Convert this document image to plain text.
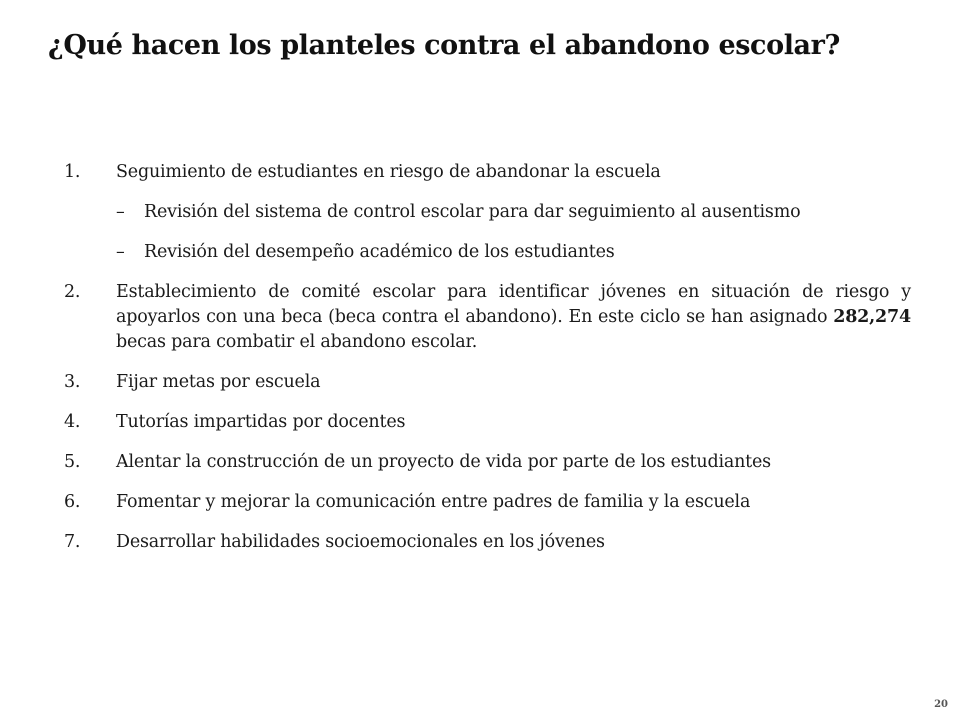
¿Qué hacen los planteles contra el abandono escolar?
1.	Seguimiento de estudiantes en riesgo de abandonar la escuela
–	Revisión del sistema de control escolar para dar seguimiento al ausentismo
–	Revisión del desempeño académico de los estudiantes
2.	Establecimiento de comité escolar para identificar jóvenes en situación de riesgo y apoyarlos con una beca (beca contra el abandono). En este ciclo se han asignado 282,274 becas para combatir el abandono escolar.
3.	Fijar metas por escuela
4.	Tutorías impartidas por docentes
5.	Alentar la construcción de un proyecto de vida por parte de los estudiantes
6.	Fomentar y mejorar la comunicación entre padres de familia y la escuela
7.	Desarrollar habilidades socioemocionales en los jóvenes
20
